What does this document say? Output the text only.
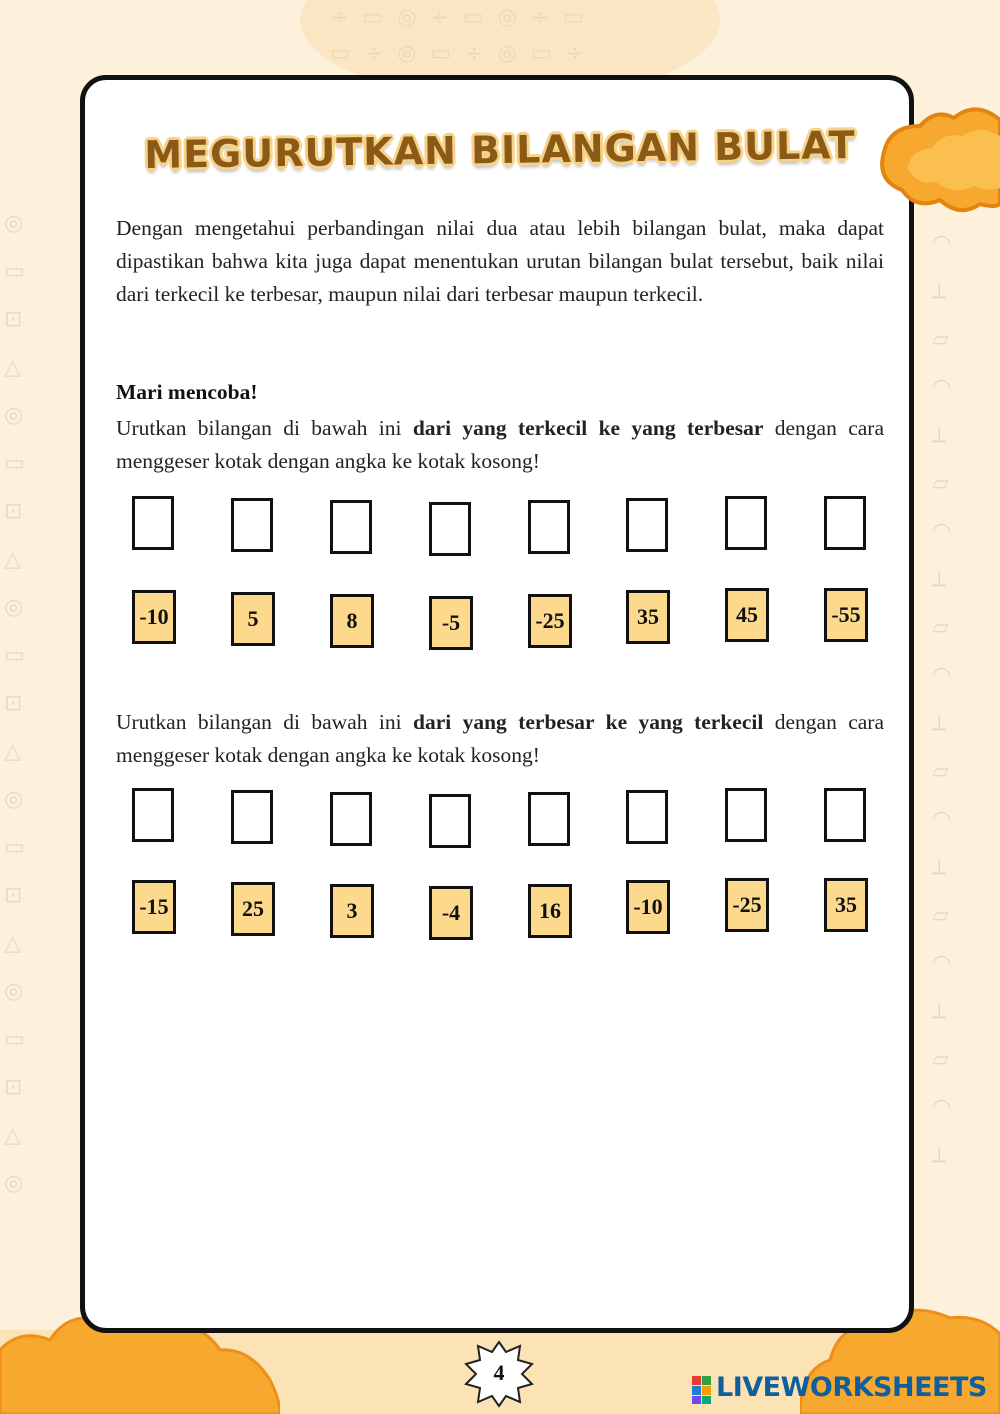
◎
▭
⊡
△
◎
▭
⊡
△
◎
▭
⊡
△
◎
▭
⊡
△
◎
▭
⊡
△
◎
◠
⟂
▱
◠
⟂
▱
◠
⟂
▱
◠
⟂
▱
◠
⟂
▱
◠
⟂
▱
◠
⟂
÷  ▭  ◎  ÷  ▭  ◎  ÷  ▭
▭  ÷  ◎  ▭  ÷  ◎  ▭  ÷
MEGURUTKAN BILANGAN BULAT

Dengan mengetahui perbandingan nilai dua atau lebih bilangan bulat, maka dapat dipastikan bahwa kita juga dapat menentukan urutan bilangan bulat tersebut, baik nilai dari terkecil ke terbesar, maupun nilai dari terbesar maupun terkecil.

Mari mencoba!

Urutkan bilangan di bawah ini dari yang terkecil ke yang terbesar dengan cara menggeser kotak dengan angka ke kotak kosong!

-10	5	8	-5	-25	35	45	-55

Urutkan bilangan di bawah ini dari yang terbesar ke yang terkecil dengan cara menggeser kotak dengan angka ke kotak kosong!

-15	25	3	-4	16	-10	-25	35
4	LIVEWORKSHEETS
